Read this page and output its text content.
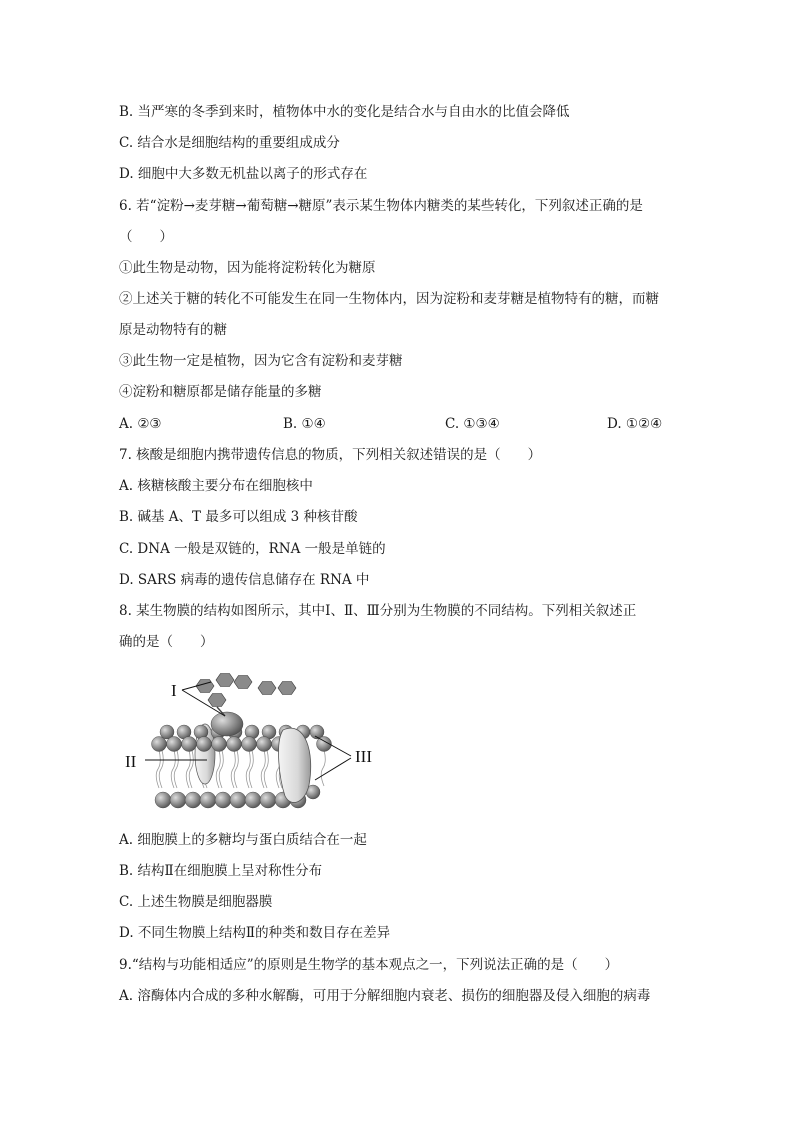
B. 当严寒的冬季到来时，植物体中水的变化是结合水与自由水的比值会降低
C. 结合水是细胞结构的重要组成成分
D. 细胞中大多数无机盐以离子的形式存在
6. 若“淀粉→麦芽糖→葡萄糖→糖原”表示某生物体内糖类的某些转化，下列叙述正确的是
（　　）
①此生物是动物，因为能将淀粉转化为糖原
②上述关于糖的转化不可能发生在同一生物体内，因为淀粉和麦芽糖是植物特有的糖，而糖
原是动物特有的糖
③此生物一定是植物，因为它含有淀粉和麦芽糖
④淀粉和糖原都是储存能量的多糖
A. ②③	B. ①④	C. ①③④	D. ①②④
7. 核酸是细胞内携带遗传信息的物质，下列相关叙述错误的是（　　）
A. 核糖核酸主要分布在细胞核中
B. 碱基 A、T 最多可以组成 3 种核苷酸
C. DNA 一般是双链的，RNA 一般是单链的
D. SARS 病毒的遗传信息储存在 RNA 中
8. 某生物膜的结构如图所示，其中Ⅰ、Ⅱ、Ⅲ分别为生物膜的不同结构。下列相关叙述正
确的是（　　）
I
II	III
A. 细胞膜上的多糖均与蛋白质结合在一起
B. 结构Ⅱ在细胞膜上呈对称性分布
C. 上述生物膜是细胞器膜
D. 不同生物膜上结构Ⅱ的种类和数目存在差异
9.“结构与功能相适应”的原则是生物学的基本观点之一，下列说法正确的是（　　）
A. 溶酶体内合成的多种水解酶，可用于分解细胞内衰老、损伤的细胞器及侵入细胞的病毒
